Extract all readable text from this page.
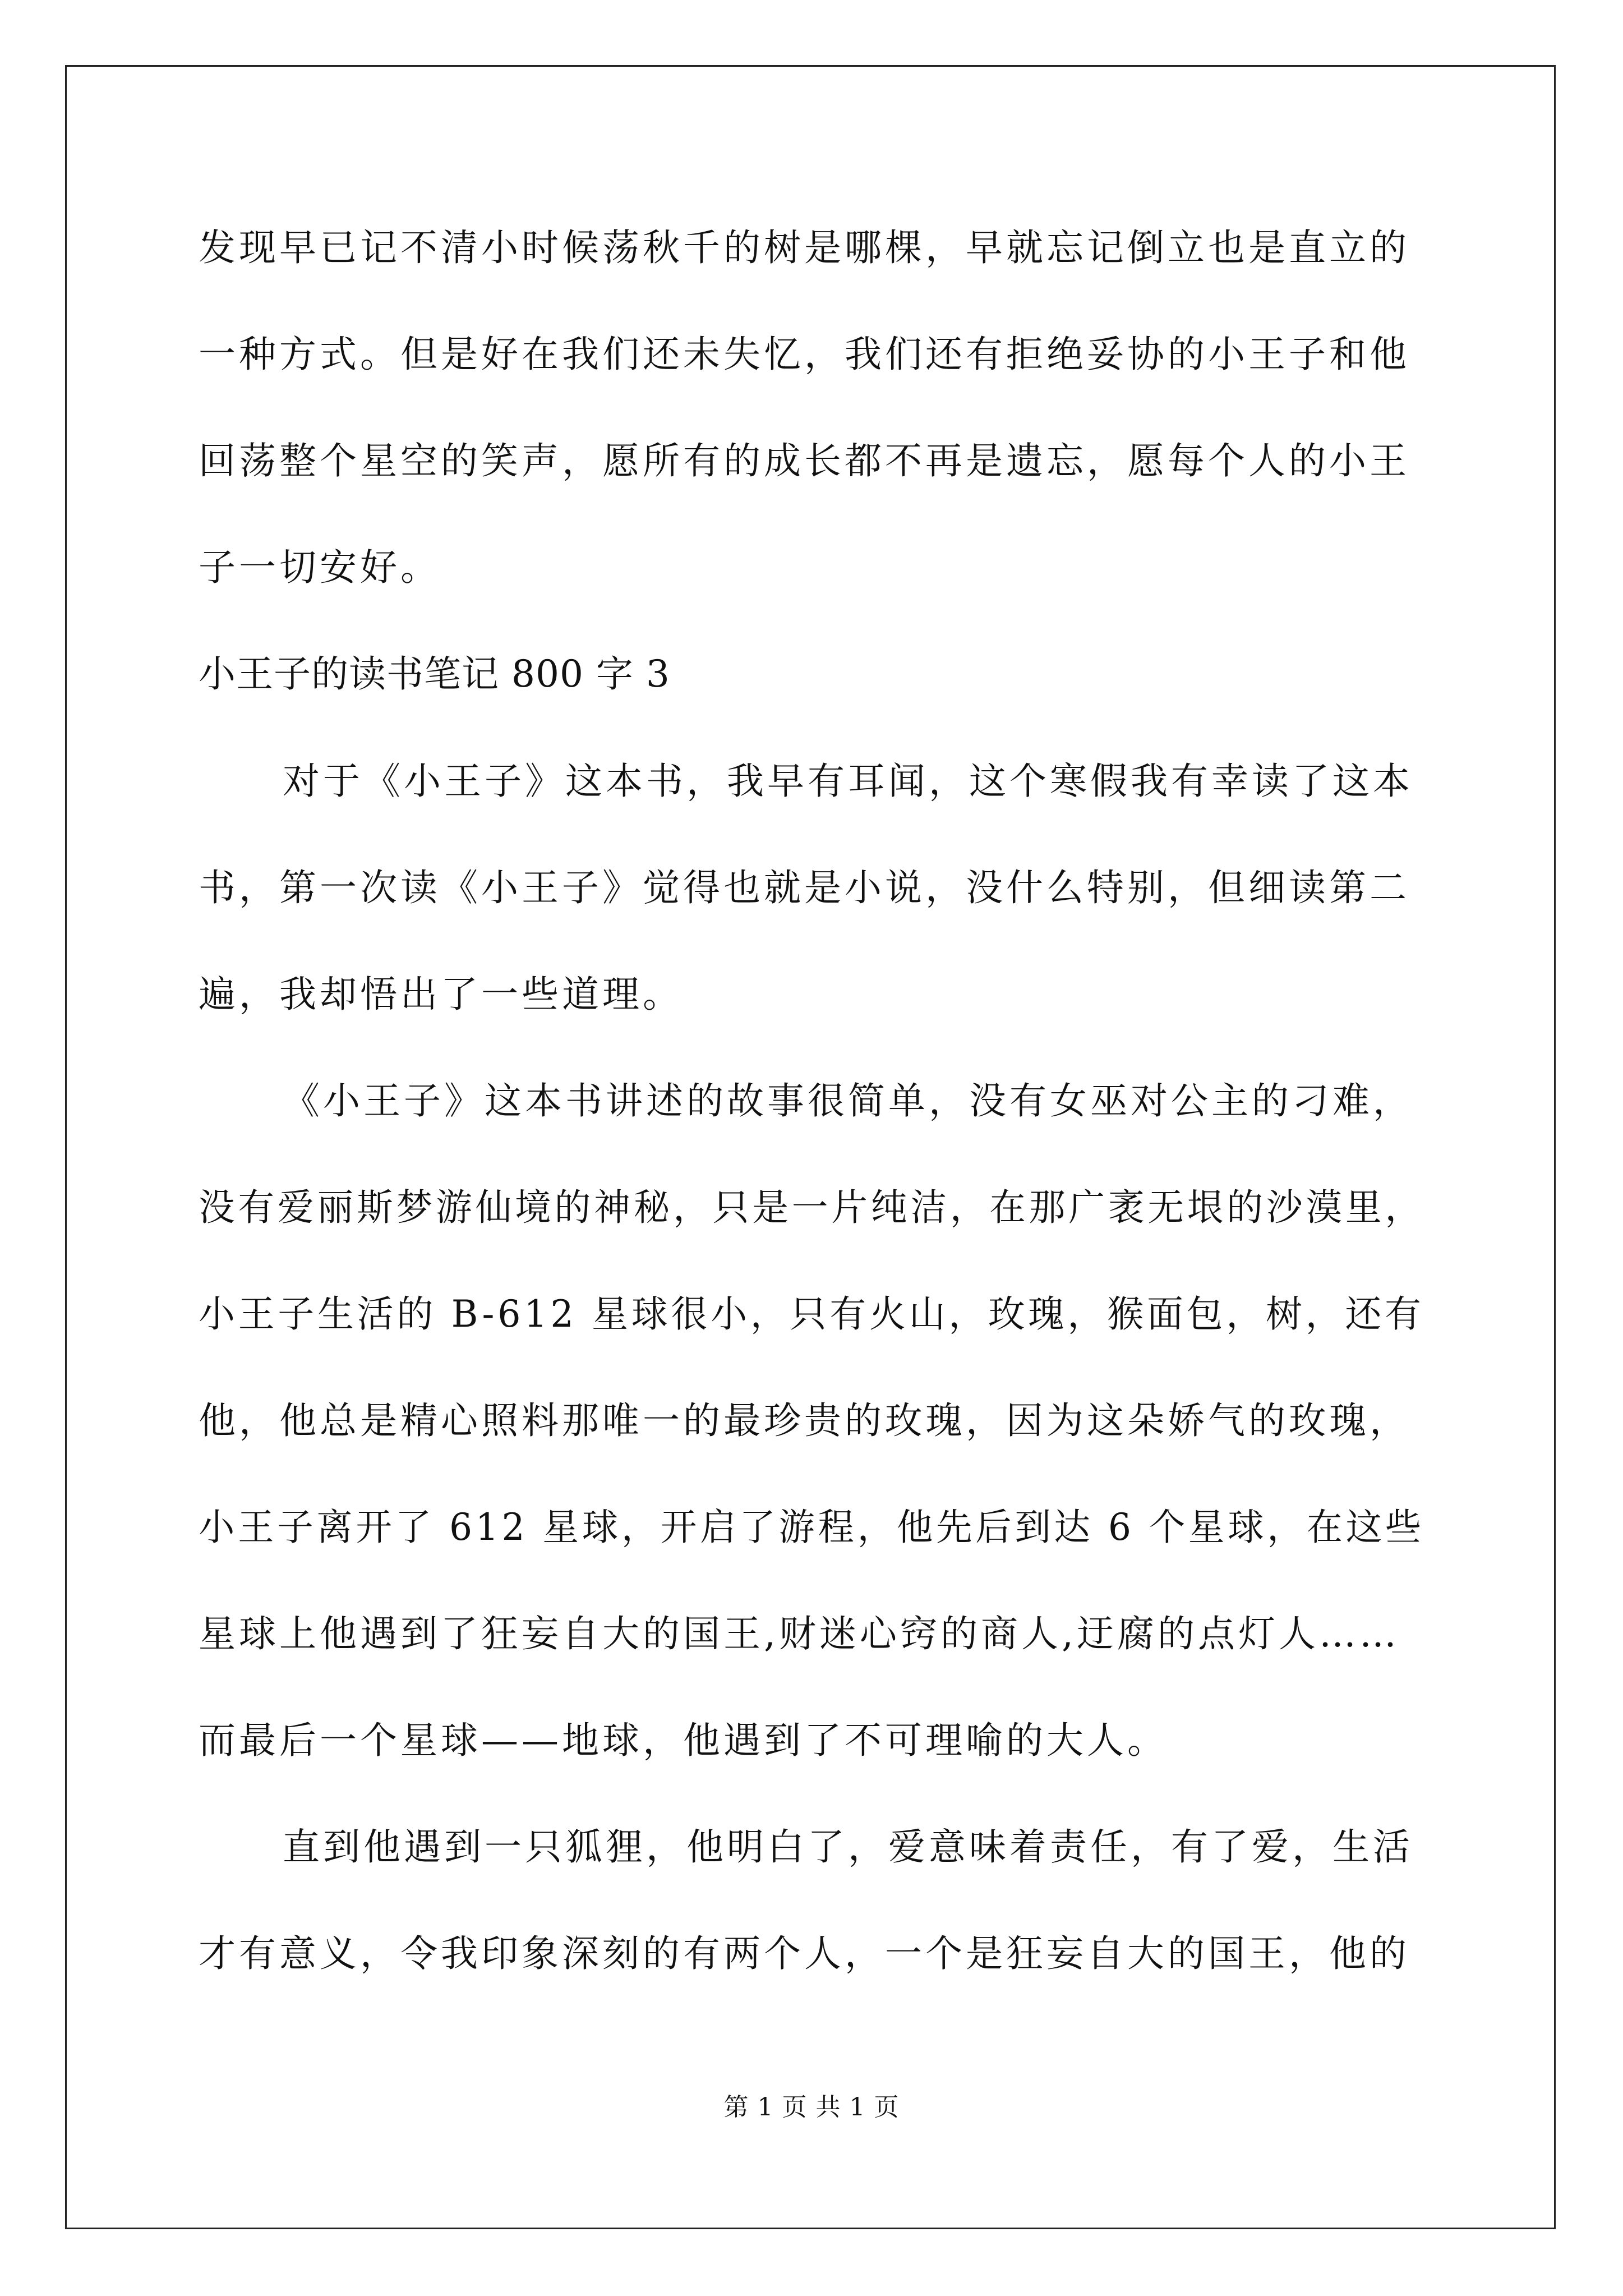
发现早已记不清小时候荡秋千的树是哪棵，早就忘记倒立也是直立的
一种方式。但是好在我们还未失忆，我们还有拒绝妥协的小王子和他
回荡整个星空的笑声，愿所有的成长都不再是遗忘，愿每个人的小王
子一切安好。
小王子的读书笔记 800 字 3
对于《小王子》这本书，我早有耳闻，这个寒假我有幸读了这本
书，第一次读《小王子》觉得也就是小说，没什么特别，但细读第二
遍，我却悟出了一些道理。
《小王子》这本书讲述的故事很简单，没有女巫对公主的刁难，
没有爱丽斯梦游仙境的神秘，只是一片纯洁，在那广袤无垠的沙漠里，
小王子生活的 B-612 星球很小，只有火山，玫瑰，猴面包，树，还有
他，他总是精心照料那唯一的最珍贵的玫瑰，因为这朵娇气的玫瑰，
小王子离开了 612 星球，开启了游程，他先后到达 6 个星球，在这些
星球上他遇到了狂妄自大的国王,财迷心窍的商人,迂腐的点灯人……
而最后一个星球——地球，他遇到了不可理喻的大人。
直到他遇到一只狐狸，他明白了，爱意味着责任，有了爱，生活
才有意义，令我印象深刻的有两个人，一个是狂妄自大的国王，他的
第 1 页 共 1 页
